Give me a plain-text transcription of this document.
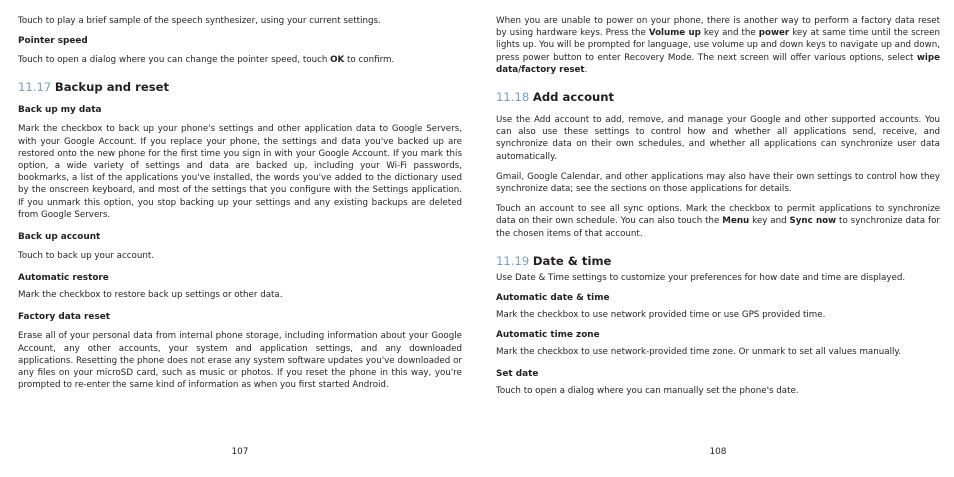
Touch to play a brief sample of the speech synthesizer, using your current settings.

Pointer speed

Touch to open a dialog where you can change the pointer speed, touch OK to confirm.

11.17 Backup and reset
Back up my data

Mark the checkbox to back up your phone's settings and other application data to Google Servers, with your Google Account. If you replace your phone, the settings and data you've backed up are restored onto the new phone for the first time you sign in with your Google Account. If you mark this option, a wide variety of settings and data are backed up, including your Wi-Fi passwords, bookmarks, a list of the applications you've installed, the words you've added to the dictionary used by the onscreen keyboard, and most of the settings that you configure with the Settings application. If you unmark this option, you stop backing up your settings and any existing backups are deleted from Google Servers.

Back up account

Touch to back up your account.

Automatic restore

Mark the checkbox to restore back up settings or other data.

Factory data reset

Erase all of your personal data from internal phone storage, including information about your Google Account, any other accounts, your system and application settings, and any downloaded applications. Resetting the phone does not erase any system software updates you've downloaded or any files on your microSD card, such as music or photos. If you reset the phone in this way, you're prompted to re-enter the same kind of information as when you first started Android.

107

When you are unable to power on your phone, there is another way to perform a factory data reset by using hardware keys. Press the Volume up key and the power key at same time until the screen lights up. You will be prompted for language, use volume up and down keys to navigate up and down, press power button to enter Recovery Mode. The next screen will offer various options, select wipe data/factory reset.

11.18 Add account

Use the Add account to add, remove, and manage your Google and other supported accounts. You can also use these settings to control how and whether all applications send, receive, and synchronize data on their own schedules, and whether all applications can synchronize user data automatically.

Gmail, Google Calendar, and other applications may also have their own settings to control how they synchronize data; see the sections on those applications for details.

Touch an account to see all sync options. Mark the checkbox to permit applications to synchronize data on their own schedule. You can also touch the Menu key and Sync now to synchronize data for the chosen items of that account.

11.19 Date & time

Use Date & Time settings to customize your preferences for how date and time are displayed.

Automatic date & time

Mark the checkbox to use network provided time or use GPS provided time.

Automatic time zone

Mark the checkbox to use network-provided time zone. Or unmark to set all values manually.

Set date

Touch to open a dialog where you can manually set the phone's date.

108
